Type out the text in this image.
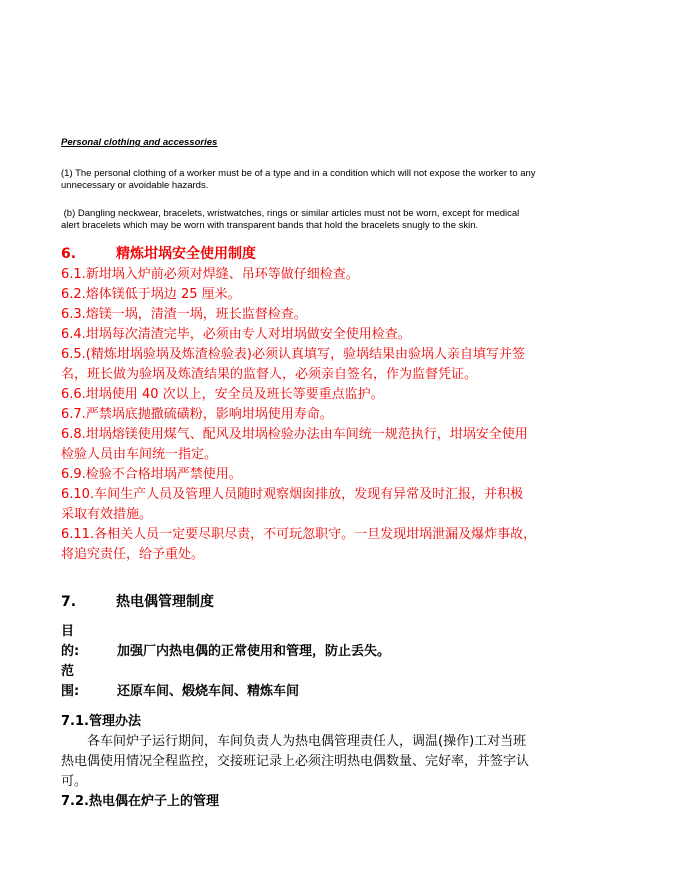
Personal clothing and accessories
(1) The personal clothing of a worker must be of a type and in a condition which will not expose the worker to any
unnecessary or avoidable hazards.
(b) Dangling neckwear, bracelets, wristwatches, rings or similar articles must not be worn, except for medical
alert bracelets which may be worn with transparent bands that hold the bracelets snugly to the skin.
6.	精炼坩埚安全使用制度

6.1.新坩埚入炉前必须对焊缝、吊环等做仔细检查。

6.2.熔体镁低于埚边 25 厘米。

6.3.熔镁一埚，清渣一埚，班长监督检查。

6.4.坩埚每次清渣完毕，必须由专人对坩埚做安全使用检查。

6.5.(精炼坩埚验埚及炼渣检验表)必须认真填写，验埚结果由验埚人亲自填写并签

名，班长做为验埚及炼渣结果的监督人，必须亲自签名，作为监督凭证。

6.6.坩埚使用 40 次以上，安全员及班长等要重点监护。

6.7.严禁埚底抛撒硫磺粉，影响坩埚使用寿命。

6.8.坩埚熔镁使用煤气、配风及坩埚检验办法由车间统一规范执行，坩埚安全使用

检验人员由车间统一指定。

6.9.检验不合格坩埚严禁使用。

6.10.车间生产人员及管理人员随时观察烟囱排放，发现有异常及时汇报，并积极

采取有效措施。

6.11.各相关人员一定要尽职尽责，不可玩忽职守。一旦发现坩埚泄漏及爆炸事故，

将追究责任，给予重处。

7.	热电偶管理制度

目　　的:	加强厂内热电偶的正常使用和管理，防止丢失。

范　　围:	还原车间、煅烧车间、精炼车间

7.1.管理办法

各车间炉子运行期间，车间负责人为热电偶管理责任人，调温(操作)工对当班

热电偶使用情况全程监控，交接班记录上必须注明热电偶数量、完好率，并签字认

可。

7.2.热电偶在炉子上的管理
